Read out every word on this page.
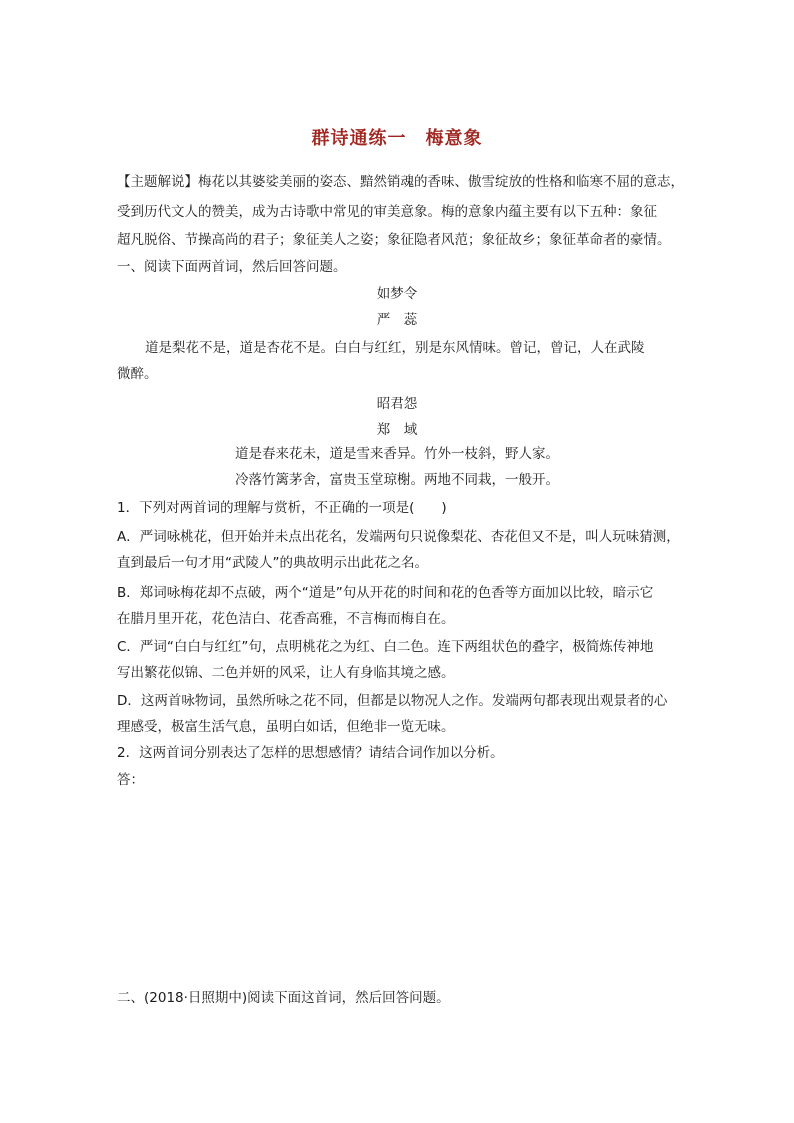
群诗通练一　梅意象
【主题解说】梅花以其婆娑美丽的姿态、黯然销魂的香味、傲雪绽放的性格和临寒不屈的意志，
受到历代文人的赞美，成为古诗歌中常见的审美意象。梅的意象内蕴主要有以下五种：象征
超凡脱俗、节操高尚的君子；象征美人之姿；象征隐者风范；象征故乡；象征革命者的豪情。
一、阅读下面两首词，然后回答问题。
如梦令
严　蕊
道是梨花不是，道是杏花不是。白白与红红，别是东风情味。曾记，曾记，人在武陵
微醉。
昭君怨
郑　域
道是春来花未，道是雪来香异。竹外一枝斜，野人家。
冷落竹篱茅舍，富贵玉堂琼榭。两地不同栽，一般开。
1．下列对两首词的理解与赏析，不正确的一项是(　　)
A．严词咏桃花，但开始并未点出花名，发端两句只说像梨花、杏花但又不是，叫人玩味猜测，
直到最后一句才用“武陵人”的典故明示出此花之名。
B．郑词咏梅花却不点破，两个“道是”句从开花的时间和花的色香等方面加以比较，暗示它
在腊月里开花，花色洁白、花香高雅，不言梅而梅自在。
C．严词“白白与红红”句，点明桃花之为红、白二色。连下两组状色的叠字，极简炼传神地
写出繁花似锦、二色并妍的风采，让人有身临其境之感。
D．这两首咏物词，虽然所咏之花不同，但都是以物况人之作。发端两句都表现出观景者的心
理感受，极富生活气息，虽明白如话，但绝非一览无味。
2．这两首词分别表达了怎样的思想感情？请结合词作加以分析。
答：
二、(2018·日照期中)阅读下面这首词，然后回答问题。
